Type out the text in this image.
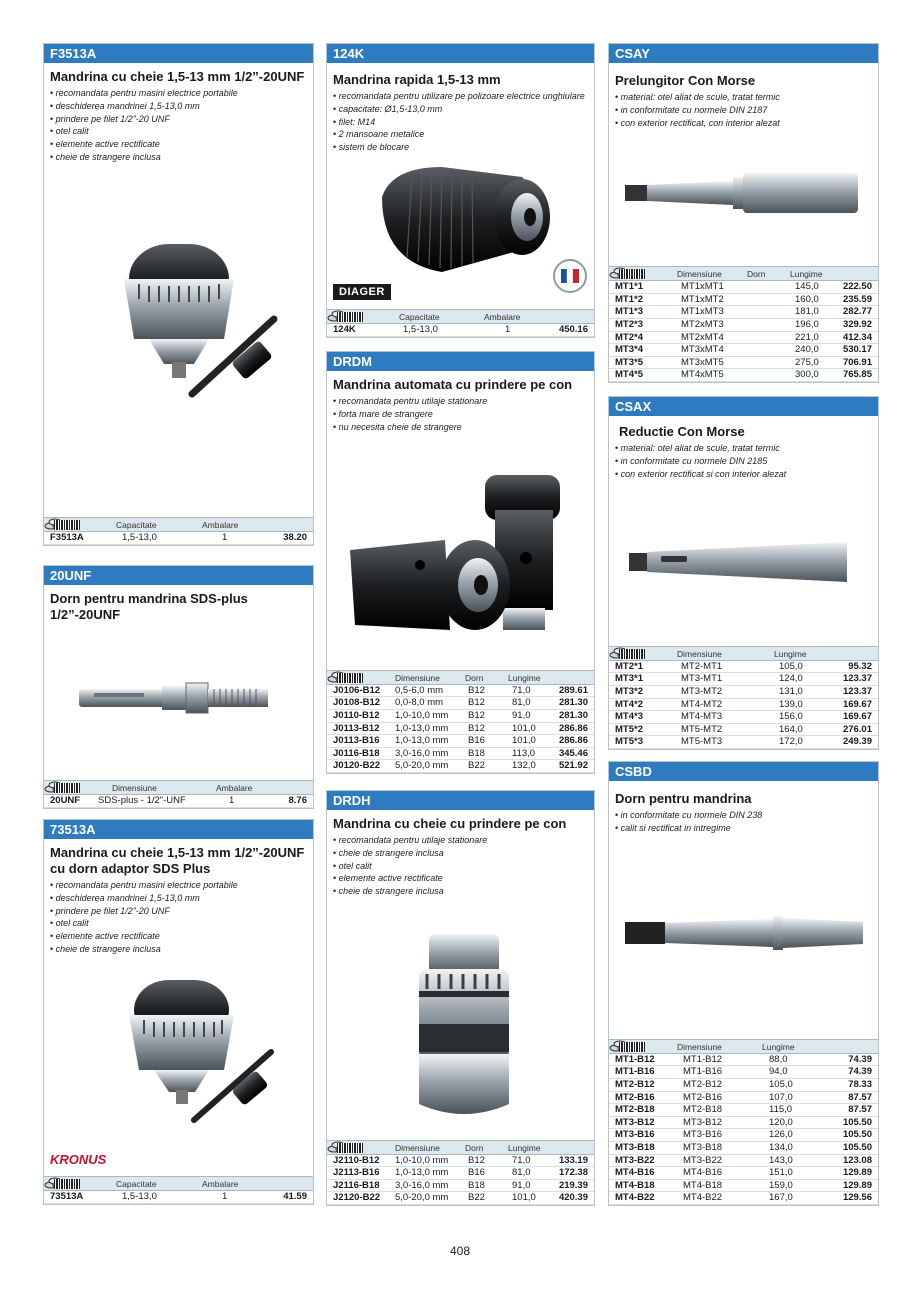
F3513A
Mandrina cu cheie 1,5-13 mm 1/2”-20UNF
• recomandata pentru masini electrice portabile
• deschiderea mandrinei 1,5-13,0 mm
• prindere pe filet 1/2”-20 UNF
• otel calit
• elemente active rectificate
• cheie de strangere inclusa
Capacitate	Ambalare
F3513A	1,5-13,0	1	38.20
20UNF
Dorn pentru mandrina SDS-plus 1/2”-20UNF
Dimensiune	Ambalare
20UNF SDS-plus - 1/2"-UNF	1	8.76
73513A
Mandrina cu cheie 1,5-13 mm 1/2”-20UNF cu dorn adaptor SDS Plus
• recomandata pentru masini electrice portabile
• deschiderea mandrinei 1,5-13,0 mm
• prindere pe filet 1/2”-20 UNF
• otel calit
• elemente active rectificate
• cheie de strangere inclusa
KRONUS
Capacitate	Ambalare
73513A	1,5-13,0	1	41.59
124K
Mandrina rapida 1,5-13 mm
• recomandata pentru utilizare pe polizoare electrice unghiulare
• capacitate: Ø1,5-13,0 mm
• filet: M14
• 2 mansoane metalice
• sistem de blocare
DIAGER
Capacitate	Ambalare
124K	1,5-13,0	1	450.16
DRDM
Mandrina automata cu prindere pe con
• recomandata pentru utilaje stationare
• forta mare de strangere
• nu necesita cheie de strangere
Dimensiune	Dorn	Lungime
J0106-B12 0,5-6,0 mm	B12	71,0	289.61
J0108-B12 0,0-8,0 mm	B12	81,0	281.30
J0110-B12 1,0-10,0 mm B12	91,0	281.30
J0113-B12 1,0-13,0 mm B12	101,0 286.86
J0113-B16 1,0-13,0 mm B16	101,0 286.86
J0116-B18 3,0-16,0 mm B18	113,0	345.46
J0120-B22 5,0-20,0 mm B22	132,0 521.92
DRDH
Mandrina cu cheie cu prindere pe con
• recomandata pentru utilaje stationare
• cheie de strangere inclusa
• otel calit
• elemente active rectificate
• cheie de strangere inclusa
Dimensiune	Dorn	Lungime
J2110-B12 1,0-10,0 mm B12	71,0	133.19
J2113-B16 1,0-13,0 mm B16	81,0	172.38
J2116-B18 3,0-16,0 mm B18	91,0	219.39
J2120-B22 5,0-20,0 mm B22	101,0 420.39
CSAY
Prelungitor Con Morse
• material: otel aliat de scule, tratat termic
• in conformitate cu normele DIN 2187
• con exterior rectificat, con interior alezat
Dimensiune	Dorn	Lungime
MT1*1	MT1xMT1	145,0	222.50
MT1*2	MT1xMT2	160,0	235.59
MT1*3	MT1xMT3	181,0	282.77
MT2*3	MT2xMT3	196,0	329.92
MT2*4	MT2xMT4	221,0	412.34
MT3*4	MT3xMT4	240,0	530.17
MT3*5	MT3xMT5	275,0	706.91
MT4*5	MT4xMT5	300,0	765.85
CSAX
Reductie Con Morse
• material: otel aliat de scule, tratat termic
• in conformitate cu normele DIN 2185
• con exterior rectificat si con interior alezat
Dimensiune	Lungime
MT2*1	MT2-MT1	105,0	95.32
MT3*1	MT3-MT1	124,0	123.37
MT3*2	MT3-MT2	131,0	123.37
MT4*2	MT4-MT2	139,0	169.67
MT4*3	MT4-MT3	156,0	169.67
MT5*2	MT5-MT2	164,0	276.01
MT5*3	MT5-MT3	172,0	249.39
CSBD
Dorn pentru mandrina
• in conformitate cu normele DIN 238
• calit si rectificat in intregime
Dimensiune	Lungime
MT1-B12	MT1-B12	88,0	74.39
MT1-B16	MT1-B16	94,0	74.39
MT2-B12	MT2-B12	105,0	78.33
MT2-B16	MT2-B16	107,0	87.57
MT2-B18	MT2-B18	115,0	87.57
MT3-B12	MT3-B12	120,0	105.50
MT3-B16	MT3-B16	126,0	105.50
MT3-B18	MT3-B18	134,0	105.50
MT3-B22	MT3-B22	143,0	123.08
MT4-B16	MT4-B16	151,0	129.89
MT4-B18	MT4-B18	159,0	129.89
MT4-B22	MT4-B22	167,0	129.56
408
